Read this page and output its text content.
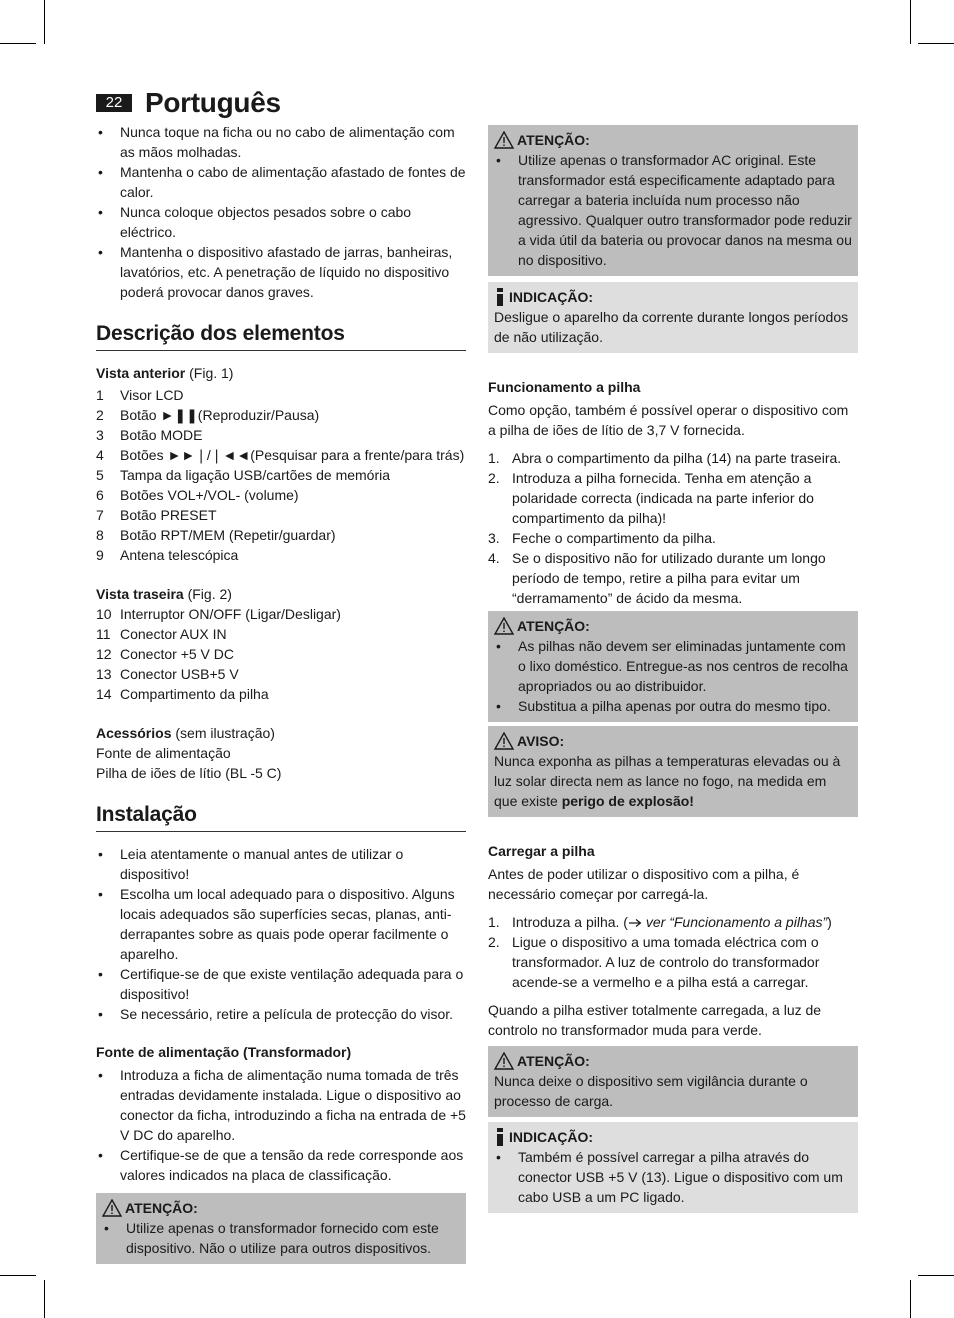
22 Português
• Nunca toque na ficha ou no cabo de alimentação com as mãos molhadas.
• Mantenha o cabo de alimentação afastado de fontes de calor.
• Nunca coloque objectos pesados sobre o cabo eléctrico.
• Mantenha o dispositivo afastado de jarras, banheiras, lavatórios, etc. A penetração de líquido no dispositivo poderá provocar danos graves.
Descrição dos elementos
Vista anterior (Fig. 1)
1 Visor LCD
2 Botão ►❚❚(Reproduzir/Pausa)
3 Botão MODE
4 Botões ►►❘/❘◄◄(Pesquisar para a frente/para trás)
5 Tampa da ligação USB/cartões de memória
6 Botões VOL+/VOL- (volume)
7 Botão PRESET
8 Botão RPT/MEM (Repetir/guardar)
9 Antena telescópica
Vista traseira (Fig. 2)
10 Interruptor ON/OFF (Ligar/Desligar)
11 Conector AUX IN
12 Conector +5 V DC
13 Conector USB+5 V
14 Compartimento da pilha
Acessórios (sem ilustração)
Fonte de alimentação
Pilha de iões de lítio (BL -5 C)
Instalação
• Leia atentamente o manual antes de utilizar o dispositivo!
• Escolha um local adequado para o dispositivo. Alguns locais adequados são superfícies secas, planas, anti-derrapantes sobre as quais pode operar facilmente o aparelho.
• Certifique-se de que existe ventilação adequada para o dispositivo!
• Se necessário, retire a película de protecção do visor.
Fonte de alimentação (Transformador)
• Introduza a ficha de alimentação numa tomada de três entradas devidamente instalada. Ligue o dispositivo ao conector da ficha, introduzindo a ficha na entrada de +5 V DC do aparelho.
• Certifique-se de que a tensão da rede corresponde aos valores indicados na placa de classificação.
ATENÇÃO:
• Utilize apenas o transformador fornecido com este dispositivo. Não o utilize para outros dispositivos.
ATENÇÃO:
• Utilize apenas o transformador AC original. Este transformador está especificamente adaptado para carregar a bateria incluída num processo não agressivo. Qualquer outro transformador pode reduzir a vida útil da bateria ou provocar danos na mesma ou no dispositivo.
INDICAÇÃO:
Desligue o aparelho da corrente durante longos períodos de não utilização.
Funcionamento a pilha
Como opção, também é possível operar o dispositivo com a pilha de iões de lítio de 3,7 V fornecida.
1. Abra o compartimento da pilha (14) na parte traseira.
2. Introduza a pilha fornecida. Tenha em atenção a polaridade correcta (indicada na parte inferior do compartimento da pilha)!
3. Feche o compartimento da pilha.
4. Se o dispositivo não for utilizado durante um longo período de tempo, retire a pilha para evitar um “derramamento” de ácido da mesma.
ATENÇÃO:
• As pilhas não devem ser eliminadas juntamente com o lixo doméstico. Entregue-as nos centros de recolha apropriados ou ao distribuidor.
• Substitua a pilha apenas por outra do mesmo tipo.
AVISO:
Nunca exponha as pilhas a temperaturas elevadas ou à luz solar directa nem as lance no fogo, na medida em que existe perigo de explosão!
Carregar a pilha
Antes de poder utilizar o dispositivo com a pilha, é necessário começar por carregá-la.
1. Introduza a pilha. ( ver “Funcionamento a pilhas”)
2. Ligue o dispositivo a uma tomada eléctrica com o transformador. A luz de controlo do transformador acende-se a vermelho e a pilha está a carregar.
Quando a pilha estiver totalmente carregada, a luz de controlo no transformador muda para verde.
ATENÇÃO:
Nunca deixe o dispositivo sem vigilância durante o processo de carga.
INDICAÇÃO:
• Também é possível carregar a pilha através do conector USB +5 V (13). Ligue o dispositivo com um cabo USB a um PC ligado.
